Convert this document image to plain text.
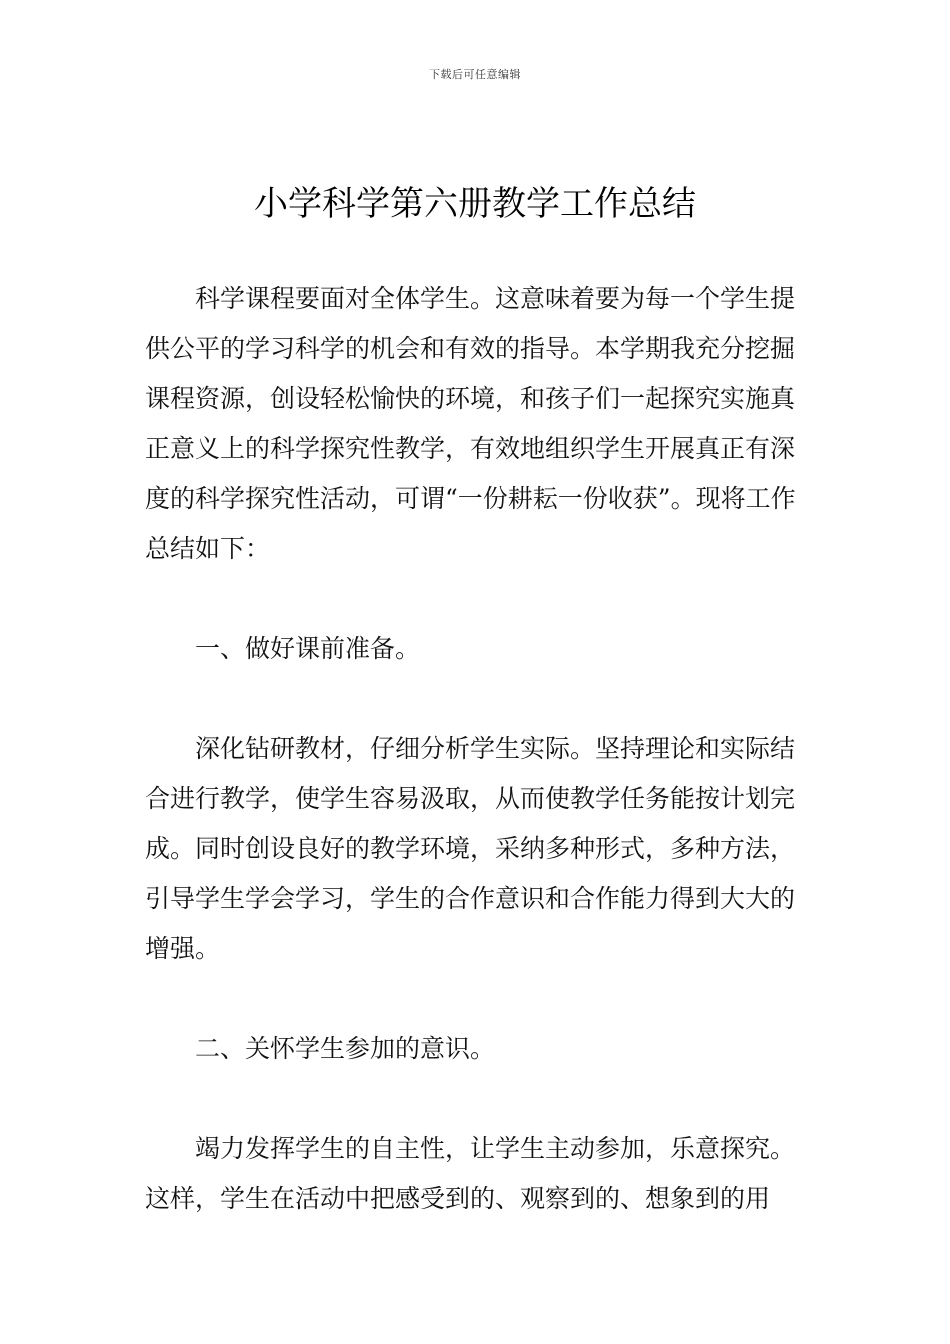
下载后可任意编辑
小学科学第六册教学工作总结

科学课程要面对全体学生。这意味着要为每一个学生提供公平的学习科学的机会和有效的指导。本学期我充分挖掘课程资源，创设轻松愉快的环境，和孩子们一起探究实施真正意义上的科学探究性教学，有效地组织学生开展真正有深度的科学探究性活动，可谓“一份耕耘一份收获”。现将工作总结如下：

一、做好课前准备。

深化钻研教材，仔细分析学生实际。坚持理论和实际结合进行教学，使学生容易汲取，从而使教学任务能按计划完成。同时创设良好的教学环境，采纳多种形式，多种方法，引导学生学会学习，学生的合作意识和合作能力得到大大的增强。

二、关怀学生参加的意识。

竭力发挥学生的自主性，让学生主动参加，乐意探究。

这样，学生在活动中把感受到的、观察到的、想象到的用
